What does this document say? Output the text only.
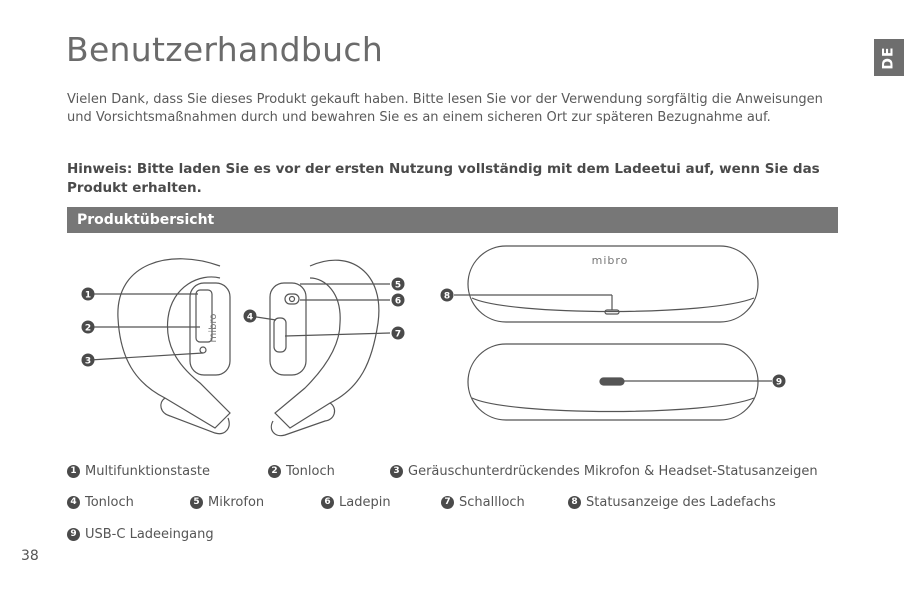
Benutzerhandbuch	DE
Vielen Dank, dass Sie dieses Produkt gekauft haben. Bitte lesen Sie vor der Verwendung sorgfältig die Anweisungen und Vorsichtsmaßnahmen durch und bewahren Sie es an einem sicheren Ort zur späteren Bezugnahme auf.
Hinweis: Bitte laden Sie es vor der ersten Nutzung vollständig mit dem Ladeetui auf, wenn Sie das Produkt erhalten.
Produktübersicht
mibro
mibro
1
2
3
4
5
6
7
8
9
1 Multifunktionstaste	2 Tonloch	3 Geräuschunterdrückendes Mikrofon & Headset-Statusanzeigen
4 Tonloch	5 Mikrofon	6 Ladepin	7 Schallloch	8 Statusanzeige des Ladefachs
9 USB-C Ladeeingang
38
